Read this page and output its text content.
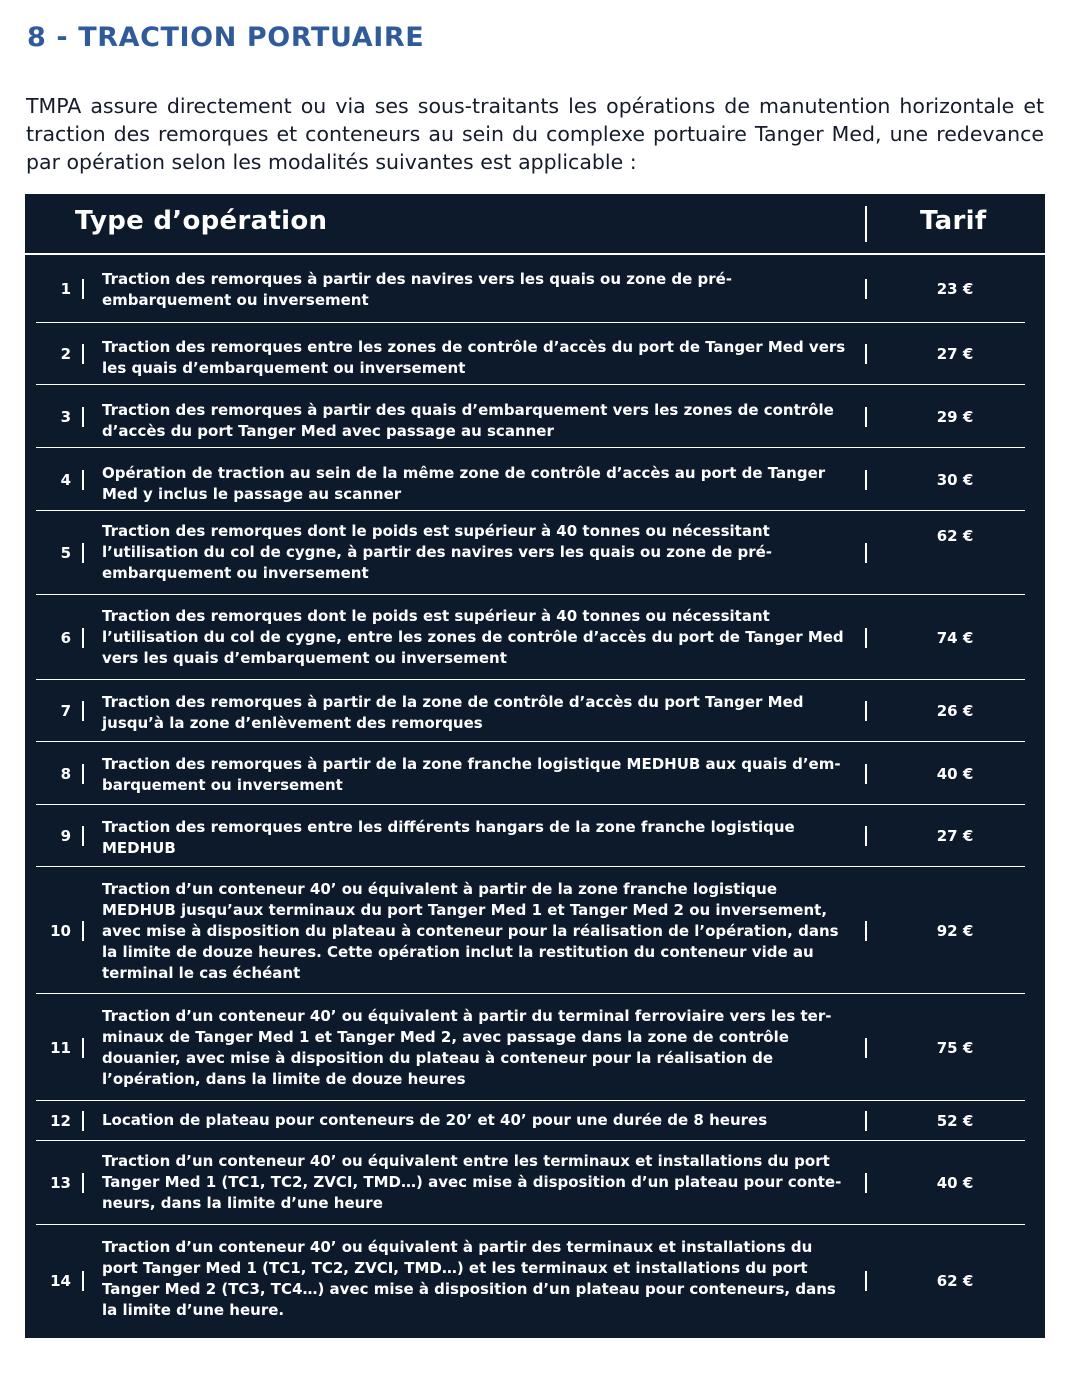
8 - TRACTION PORTUAIRE

TMPA assure directement ou via ses sous-traitants les opérations de manutention horizontale et traction des remorques et conteneurs au sein du complexe portuaire Tanger Med, une redevance par opération selon les modalités suivantes est applicable :

Type d’opération	Tarif
1
Traction des remorques à partir des navires vers les quais ou zone de pré-embarquement ou inversement
23 €
2 Traction des remorques entre les zones de contrôle d’accès du port de Tanger Med vers les quais d’embarquement ou inversement
27 €
3 Traction des remorques à partir des quais d’embarquement vers les zones de contrôle d’accès du port Tanger Med avec passage au scanner
29 €
4 Opération de traction au sein de la même zone de contrôle d’accès au port de Tanger Med y inclus le passage au scanner
30 €
5
Traction des remorques dont le poids est supérieur à 40 tonnes ou nécessitant l’utilisation du col de cygne, à partir des navires vers les quais ou zone de pré-embarquement ou inversement
62 €
6
Traction des remorques dont le poids est supérieur à 40 tonnes ou nécessitant l’utilisation du col de cygne, entre les zones de contrôle d’accès du port de Tanger Med vers les quais d’embarquement ou inversement
74 €
7 Traction des remorques à partir de la zone de contrôle d’accès du port Tanger Med jusqu’à la zone d’enlèvement des remorques
26 €
8
Traction des remorques à partir de la zone franche logistique MEDHUB aux quais d’em-barquement ou inversement
40 €
9 Traction des remorques entre les différents hangars de la zone franche logistique MEDHUB
27 €
10
Traction d’un conteneur 40’ ou équivalent à partir de la zone franche logistique MEDHUB jusqu’aux terminaux du port Tanger Med 1 et Tanger Med 2 ou inversement, avec mise à disposition du plateau à conteneur pour la réalisation de l’opération, dans la limite de douze heures. Cette opération inclut la restitution du conteneur vide au terminal le cas échéant
92 €
11
Traction d’un conteneur 40’ ou équivalent à partir du terminal ferroviaire vers les ter-minaux de Tanger Med 1 et Tanger Med 2, avec passage dans la zone de contrôle douanier, avec mise à disposition du plateau à conteneur pour la réalisation de l’opération, dans la limite de douze heures
75 €
12 Location de plateau pour conteneurs de 20’ et 40’ pour une durée de 8 heures	52 €
13
Traction d’un conteneur 40’ ou équivalent entre les terminaux et installations du port Tanger Med 1 (TC1, TC2, ZVCI, TMD…) avec mise à disposition d’un plateau pour conte-neurs, dans la limite d’une heure
40 €
14
Traction d’un conteneur 40’ ou équivalent à partir des terminaux et installations du port Tanger Med 1 (TC1, TC2, ZVCI, TMD…) et les terminaux et installations du port Tanger Med 2 (TC3, TC4…) avec mise à disposition d’un plateau pour conteneurs, dans la limite d’une heure.
62 €
